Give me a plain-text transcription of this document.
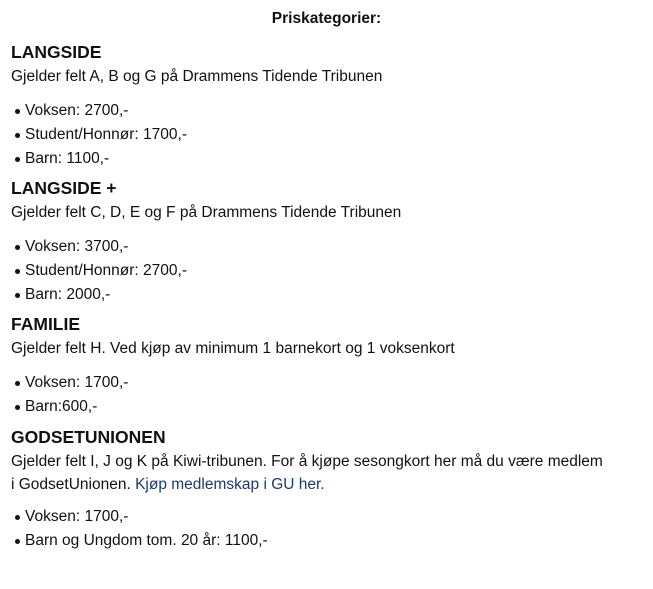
Priskategorier:
LANGSIDE

Gjelder felt A, B og G på Drammens Tidende Tribunen

Voksen: 2700,-
Student/Honnør: 1700,-
Barn: 1100,-
LANGSIDE +

Gjelder felt C, D, E og F på Drammens Tidende Tribunen

Voksen: 3700,-
Student/Honnør: 2700,-
Barn: 2000,-
FAMILIE

Gjelder felt H. Ved kjøp av minimum 1 barnekort og 1 voksenkort

Voksen: 1700,-
Barn:600,-
GODSETUNIONEN

Gjelder felt I, J og K på Kiwi-tribunen. For å kjøpe sesongkort her må du være medlem
i GodsetUnionen. Kjøp medlemskap i GU her.

Voksen: 1700,-
Barn og Ungdom tom. 20 år: 1100,-
